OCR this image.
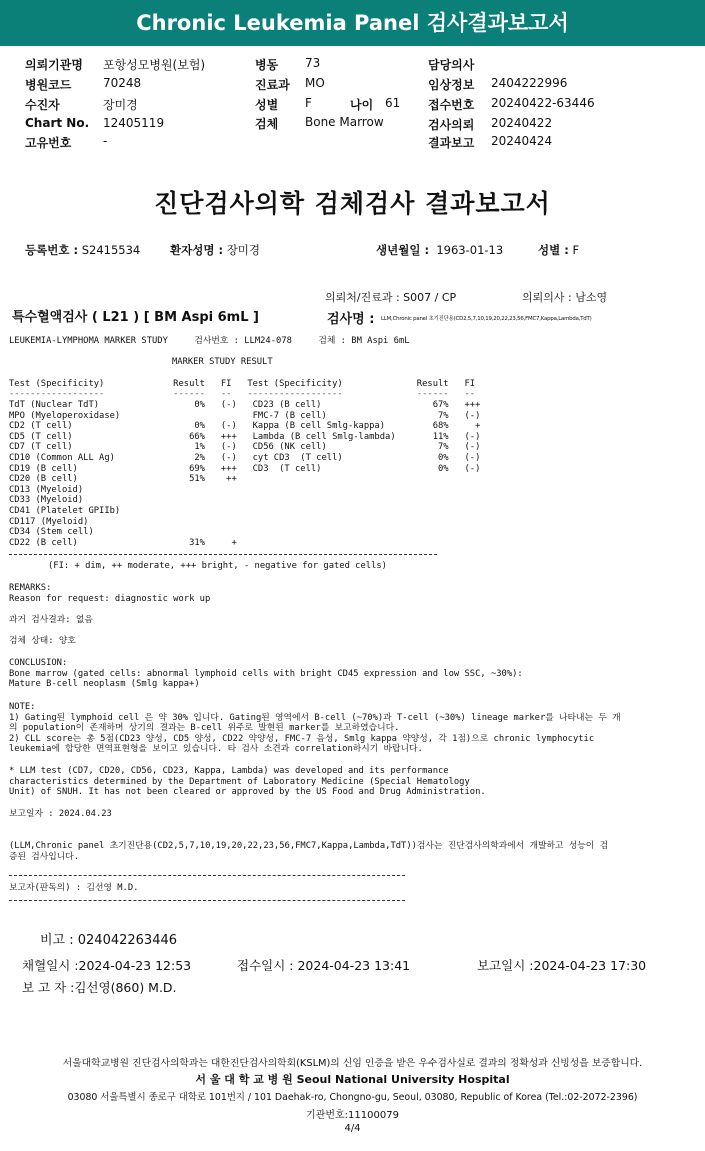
Chronic Leukemia Panel 검사결과보고서
의뢰기관명 포항성모병원(보험)
병원코드	70248
수진자	장미경
Chart No. 12405119
고유번호	-
병동 73
진료과 MO
성별 F	나이 61
검체 Bone Marrow
담당의사
임상정보 2404222996
접수번호 20240422-63446
검사의뢰 20240422
결과보고 20240424
진단검사의학 검체검사 결과보고서
등록번호 : S2415534	환자성명 : 장미경	생년월일 : 1963-01-13	성별 : F
의뢰처/진료과 : S007 / CP	의뢰의사 : 남소영
특수혈액검사 ( L21 ) [ BM Aspi 6mL ]	검사명 : LLM,Chronic panel 초기진단용(CD2,5,7,10,19,20,22,23,56,FMC7,Kappa,Lambda,TdT)
LEUKEMIA-LYMPHOMA MARKER STUDY     검사번호 : LLM24-078     검체 : BM Aspi 6mL
MARKER STUDY RESULT
Test (Specificity)             Result   FI   Test (Specificity)              Result   FI
------------------             ------   --   ------------------              ------   --
TdT (Nuclear TdT)                  0%   (-)   CD23 (B cell)                     67%   +++
MPO (Myeloperoxidase)                         FMC-7 (B cell)                     7%   (-)
CD2 (T cell)                       0%   (-)   Kappa (B cell Smlg-kappa)         68%     +
CD5 (T cell)                      66%   +++   Lambda (B cell Smlg-lambda)       11%   (-)
CD7 (T cell)                       1%   (-)   CD56 (NK cell)                     7%   (-)
CD10 (Common ALL Ag)               2%   (-)   cyt CD3  (T cell)                  0%   (-)
CD19 (B cell)                     69%   +++   CD3  (T cell)                      0%   (-)
CD20 (B cell)                     51%    ++
CD13 (Myeloid)
CD33 (Myeloid)
CD41 (Platelet GPIIb)
CD117 (Myeloid)
CD34 (Stem cell)
CD22 (B cell)                     31%     +
(FI: + dim, ++ moderate, +++ bright, - negative for gated cells)
REMARKS:
Reason for request: diagnostic work up
과거 검사결과: 없음
검체 상태: 양호
CONCLUSION:
Bone marrow (gated cells: abnormal lymphoid cells with bright CD45 expression and low SSC, ~30%):
Mature B-cell neoplasm (Smlg kappa+)
NOTE:
1) Gating된 lymphoid cell 은 약 30% 입니다. Gating된 영역에서 B-cell (~70%)과 T-cell (~30%) lineage marker를 나타내는 두 개
의 population이 존재하며 상기의 결과는 B-cell 위주로 발현된 marker를 보고하였습니다.
2) CLL score는 총 5점(CD23 양성, CD5 양성, CD22 약양성, FMC-7 음성, Smlg kappa 약양성, 각 1점)으로 chronic lymphocytic
leukemia에 합당한 면역표현형을 보이고 있습니다. 타 검사 소견과 correlation하시기 바랍니다.
* LLM test (CD7, CD20, CD56, CD23, Kappa, Lambda) was developed and its performance
characteristics determined by the Department of Laboratory Medicine (Special Hematology
Unit) of SNUH. It has not been cleared or approved by the US Food and Drug Administration.
보고일자 : 2024.04.23
(LLM,Chronic panel 초기진단용(CD2,5,7,10,19,20,22,23,56,FMC7,Kappa,Lambda,TdT))검사는 진단검사의학과에서 개발하고 성능이 검
증된 검사입니다.
보고자(판독의) : 김선영 M.D.
비고 : 024042263446
채혈일시 :2024-04-23 12:53	접수일시 : 2024-04-23 13:41	보고일시 :2024-04-23 17:30
보 고 자 :김선영(860) M.D.
서울대학교병원 진단검사의학과는 대한진단검사의학회(KSLM)의 신임 인증을 받은 우수검사실로 결과의 정확성과 신빙성을 보증합니다.
서 울 대 학 교 병 원 Seoul National University Hospital
03080 서울특별시 종로구 대학로 101번지 / 101 Daehak-ro, Chongno-gu, Seoul, 03080, Republic of Korea (Tel.:02-2072-2396)
기관번호:11100079
4/4
